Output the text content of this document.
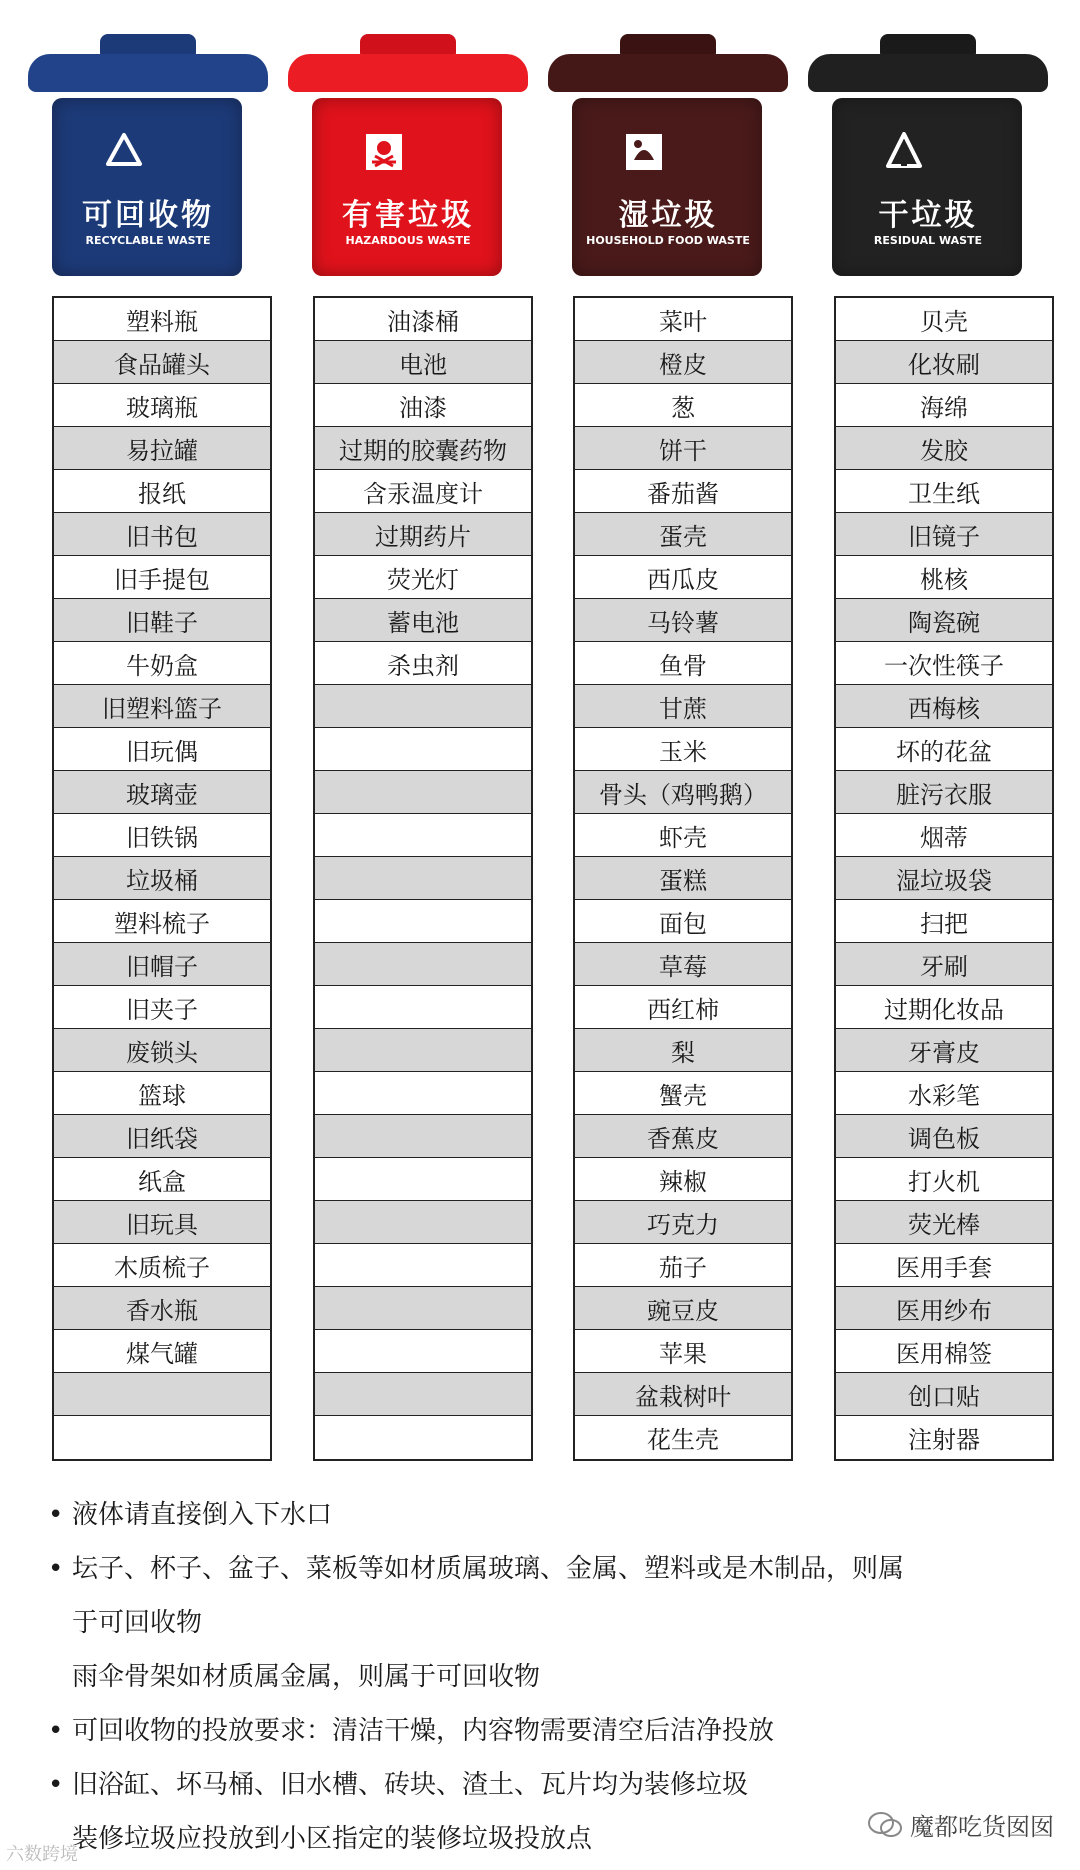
可回收物
RECYCLABLE WASTE
有害垃圾
HAZARDOUS WASTE
湿垃圾
HOUSEHOLD FOOD WASTE
干垃圾
RESIDUAL WASTE
塑料瓶
食品罐头
玻璃瓶
易拉罐
报纸
旧书包
旧手提包
旧鞋子
牛奶盒
旧塑料篮子
旧玩偶
玻璃壶
旧铁锅
垃圾桶
塑料梳子
旧帽子
旧夹子
废锁头
篮球
旧纸袋
纸盒
旧玩具
木质梳子
香水瓶
煤气罐
油漆桶
电池
油漆
过期的胶囊药物
含汞温度计
过期药片
荧光灯
蓄电池
杀虫剂
菜叶
橙皮
葱
饼干
番茄酱
蛋壳
西瓜皮
马铃薯
鱼骨
甘蔗
玉米
骨头（鸡鸭鹅）
虾壳
蛋糕
面包
草莓
西红柿
梨
蟹壳
香蕉皮
辣椒
巧克力
茄子
豌豆皮
苹果
盆栽树叶
花生壳
贝壳
化妆刷
海绵
发胶
卫生纸
旧镜子
桃核
陶瓷碗
一次性筷子
西梅核
坏的花盆
脏污衣服
烟蒂
湿垃圾袋
扫把
牙刷
过期化妆品
牙膏皮
水彩笔
调色板
打火机
荧光棒
医用手套
医用纱布
医用棉签
创口贴
注射器
• 液体请直接倒入下水口
• 坛子、杯子、盆子、菜板等如材质属玻璃、金属、塑料或是木制品，则属
于可回收物
雨伞骨架如材质属金属，则属于可回收物
• 可回收物的投放要求：清洁干燥，内容物需要清空后洁净投放
• 旧浴缸、坏马桶、旧水槽、砖块、渣土、瓦片均为装修垃圾
装修垃圾应投放到小区指定的装修垃圾投放点	魔都吃货囡囡
六数跨境
